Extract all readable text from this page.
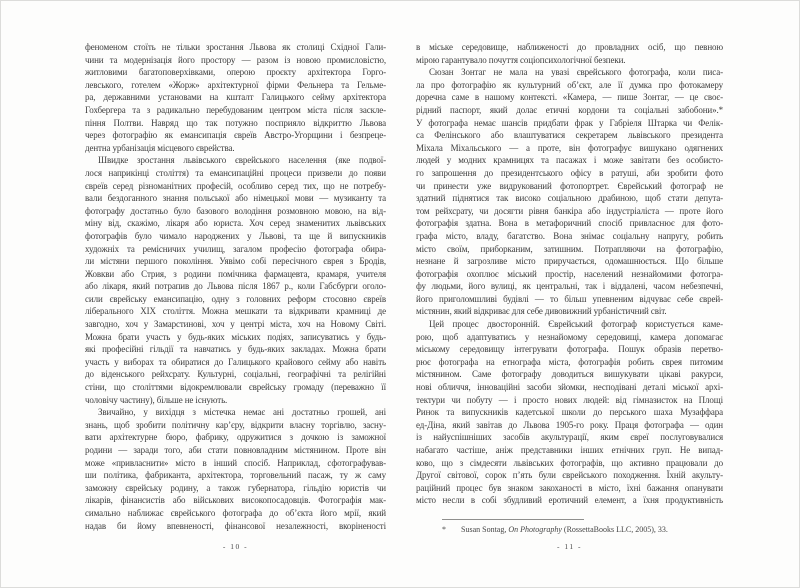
феноменом стоїть не тільки зростання Львова як столиці Східної Гали-
чини та модернізація його простору — разом із новою промисловістю,
житловими багатоповерхівками, оперою проєкту архітектора Горго-
левського, готелем «Жорж» архітектурної фірми Фельнера та Гельме-
ра, державними установами на кшталт Галицького сейму архітектора
Гохбергера та з радикально перебудованим центром міста після заскле-
піння Полтви. Навряд що так потужно посприяло відкриттю Львова
через фотографію як емансипація євреїв Австро-Угорщини і безпреце-
дентна урбанізація місцевого єврейства.
Швидке зростання львівського єврейського населення (яке подвої-
лося наприкінці століття) та емансипаційні процеси призвели до появи
євреїв серед різноманітних професій, особливо серед тих, що не потребу-
вали бездоганного знання польської або німецької мови — музиканту та
фотографу достатньо було базового володіння розмовною мовою, на від-
міну від, скажімо, лікаря або юриста. Хоч серед знаменитих львівських
фотографів було чимало народжених у Львові, та ще й випускників
художніх та ремісничих училищ, загалом професію фотографа обира-
ли містяни першого покоління. Уявімо собі пересічного єврея з Бродів,
Жовкви або Стрия, з родини помічника фармацевта, крамаря, учителя
або лікаря, який потрапив до Львова після 1867 р., коли Габсбурги оголо-
сили єврейську емансипацію, одну з головних реформ стосовно євреїв
ліберального XIX століття. Можна мешкати та відкривати крамниці де
завгодно, хоч у Замарстинові, хоч у центрі міста, хоч на Новому Світі.
Можна брати участь у будь-яких міських подіях, записуватись у будь-
які професійні гільдії та навчатись у будь-яких закладах. Можна брати
участь у виборах та обиратися до Галицького крайового сейму або навіть
до віденського рейхсрату. Культурні, соціальні, географічні та релігійні
стіни, що століттями відокремлювали єврейську громаду (переважно її
чоловічу частину), більше не існують.
Звичайно, у вихідця з містечка немає ані достатньо грошей, ані
знань, щоб зробити політичну кар’єру, відкрити власну торгівлю, засну-
вати архітектурне бюро, фабрику, одружитися з дочкою із заможної
родини — заради того, аби стати повновладним містянином. Проте він
може «привласнити» місто в інший спосіб. Наприклад, сфотографував-
ши політика, фабриканта, архітектора, торговельний пасаж, ту ж саму
заможну єврейську родину, а також губернатора, гільдію юристів чи
лікарів, фінансистів або військових високопосадовців. Фотографія мак-
симально наближає єврейського фотографа до об’єкта його мрії, який
надав би йому впевненості, фінансової незалежності, вкоріненості
в міське середовище, наближеності до провладних осіб, що певною
мірою гарантувало почуття соціопсихологічної безпеки.
Сюзан Зонтаг не мала на увазі єврейського фотографа, коли писа-
ла про фотографію як культурний об’єкт, але її думка про фотокамеру
доречна саме в нашому контексті. «Камера, — пише Зонтаг, — це своє-
рідний паспорт, який долає етичні кордони та соціальні забобони».*
У фотографа немає шансів придбати фрак у Габріеля Штарка чи Фелік-
са Фелінського або влаштуватися секретарем львівського президента
Міхала Міхальського — а проте, він фотографує вишукано одягнених
людей у модних крамницях та пасажах і може завітати без особисто-
го запрошення до президентського офісу в ратуші, аби зробити фото
чи принести уже видрукований фотопортрет. Єврейський фотограф не
здатний піднятися так високо соціальною драбиною, щоб стати депута-
том рейхсрату, чи досягти рівня банкіра або індустріаліста — проте його
фотографія здатна. Вона в метафоричний спосіб привласнює для фото-
графа місто, владу, багатство. Вона знімає соціальну напругу, робить
місто своїм, приборканим, затишним. Потрапляючи на фотографію,
незнане й загрозливе місто приручається, одомашнюється. Що більше
фотографія охоплює міський простір, населений незнайомими фотогра-
фу людьми, його вулиці, як центральні, так і віддалені, часом небезпечні,
його приголомшливі будівлі — то більш упевненим відчуває себе єврей-
містянин, який відкриває для себе дивовижний урбаністичний світ.
Цей процес двосторонній. Єврейський фотограф користується каме-
рою, щоб адаптуватись у незнайомому середовищі, камера допомагає
міському середовищу інтегрувати фотографа. Пошук образів перетво-
рює фотографа на етнографа міста, фотографія робить єврея питомим
містянином. Саме фотографу доводиться вишукувати цікаві ракурси,
нові обличчя, інноваційні засоби зйомки, несподівані деталі міської архі-
тектури чи побуту — і просто нових людей: від гімназисток на Площі
Ринок та випускників кадетської школи до перського шаха Музаффара
ед-Діна, який завітав до Львова 1905-го року. Праця фотографа — один
із найуспішніших засобів акультурації, яким євреї послуговувалися
набагато частіше, аніж представники інших етнічних груп. Не випад-
ково, що з сімдесяти львівських фотографів, що активно працювали до
Другої світової, сорок п’ять були єврейського походження. Їхній акульту-
раційний процес був знаком закоханості в місто, їхні бажання опанувати
місто несли в собі збудливий еротичний елемент, а їхня продуктивність
*	Susan Sontag, On Photography (RossettaBooks LLC, 2005), 33.
- 10 -	- 11 -
